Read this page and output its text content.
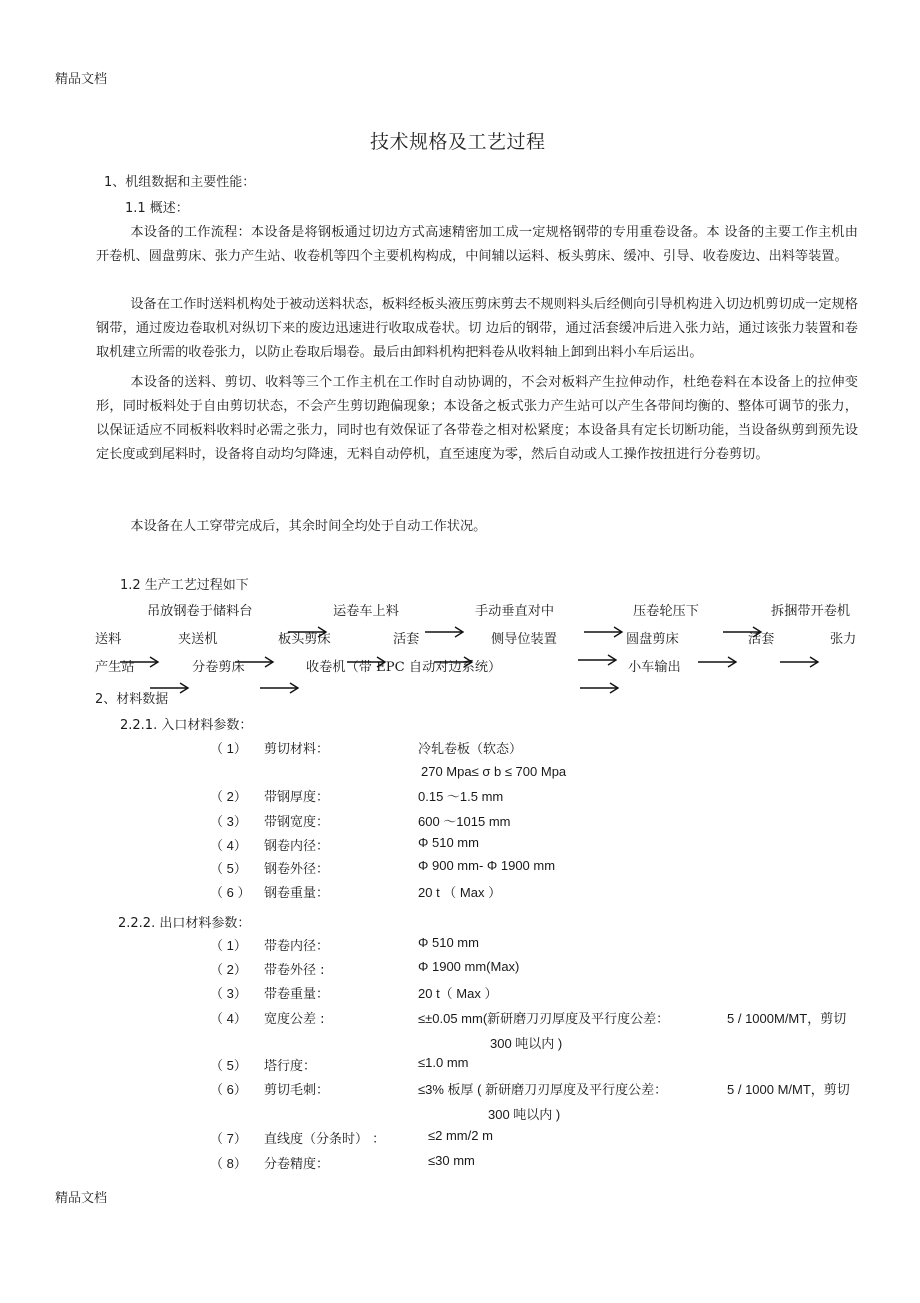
精品文档
技术规格及工艺过程
1、机组数据和主要性能：
1.1 概述：
本设备的工作流程：本设备是将钢板通过切边方式高速精密加工成一定规格钢带的专用重卷设备。本 设备的主要工作主机由开卷机、圆盘剪床、张力产生站、收卷机等四个主要机构构成，中间辅以运料、板头剪床、缓冲、引导、收卷废边、出料等装置。
设备在工作时送料机构处于被动送料状态，板料经板头液压剪床剪去不规则料头后经侧向引导机构进入切边机剪切成一定规格钢带，通过废边卷取机对纵切下来的废边迅速进行收取成卷状。切 边后的钢带，通过活套缓冲后进入张力站，通过该张力装置和卷取机建立所需的收卷张力，以防止卷取后塌卷。最后由卸料机构把料卷从收料轴上卸到出料小车后运出。
本设备的送料、剪切、收料等三个工作主机在工作时自动协调的，不会对板料产生拉伸动作，杜绝卷料在本设备上的拉伸变形，同时板料处于自由剪切状态，不会产生剪切跑偏现象；本设备之板式张力产生站可以产生各带间均衡的、整体可调节的张力，以保证适应不同板料收料时必需之张力，同时也有效保证了各带卷之相对松紧度；本设备具有定长切断功能，当设备纵剪到预先设定长度或到尾料时，设备将自动均匀降速，无料自动停机，直至速度为零，然后自动或人工操作按扭进行分卷剪切。
本设备在人工穿带完成后，其余时间全均处于自动工作状况。
1.2 生产工艺过程如下
吊放钢卷于储料台	运卷车上料	手动垂直对中	压卷轮压下	拆捆带开卷机
送料	夹送机	板头剪床	活套	侧导位装置	圆盘剪床	活套	张力
产生站	分卷剪床	收卷机（带 EPC 自动对边系统）	小车输出
2、材料数据
2.2.1. 入口材料参数：
（ 1） 剪切材料：	冷轧卷板（软态）
270 Mpa≤ σ b ≤ 700 Mpa
（ 2） 带钢厚度：	0.15 ～1.5 mm
（ 3） 带钢宽度：	600 ～1015 mm
（ 4） 钢卷内径：	Φ 510 mm
（ 5） 钢卷外径：	Φ 900 mm- Φ 1900 mm
（ 6 ） 钢卷重量：	20 t （ Max ）
2.2.2. 出口材料参数：
（ 1） 带卷内径：	Φ 510 mm
（ 2） 带卷外径 :	Φ 1900 mm(Max)
（ 3） 带卷重量：	20 t（ Max ）
（ 4） 宽度公差 :	≤±0.05 mm(新研磨刀刃厚度及平行度公差：	5 / 1000M/MT，剪切
300 吨以内 )
（ 5） 塔行度：	≤1.0 mm
（ 6） 剪切毛刺：	≤3% 板厚 ( 新研磨刀刃厚度及平行度公差：	5 / 1000 M/MT，剪切
300 吨以内 )
（ 7） 直线度（分条时） ：	≤2 mm/2 m
（ 8） 分卷精度：	≤30 mm
精品文档
